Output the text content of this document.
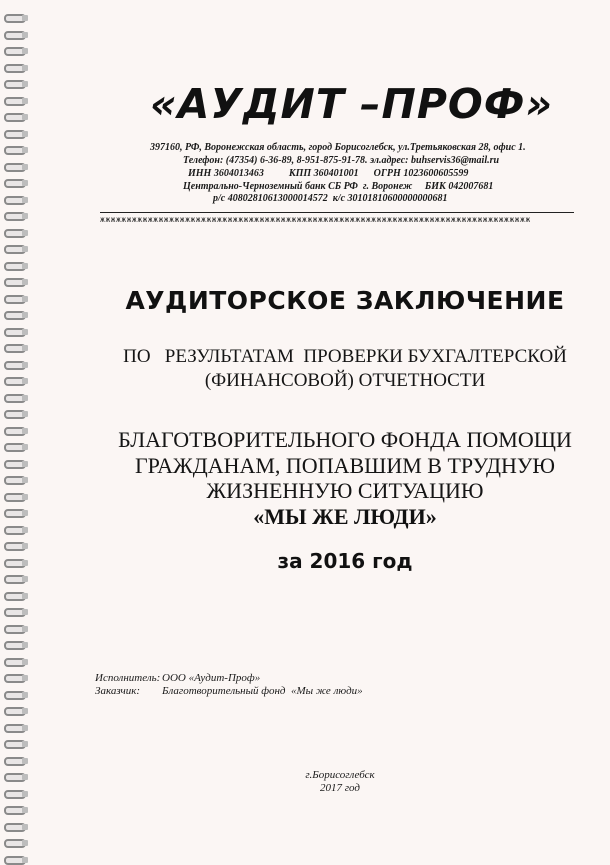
«АУДИТ –ПРОФ»
397160, РФ, Воронежская область, город Борисоглебск, ул.Третьяковская 28, офис 1.
Телефон: (47354) 6-36-89, 8-951-875-91-78. эл.адрес: buhservis36@mail.ru
ИНН 3604013463          КПП 360401001      ОГРН 1023600605599
Центрально-Черноземный банк СБ РФ  г. Воронеж     БИК 042007681
р/с 40802810613000014572  к/с 30101810600000000681
жжжжжжжжжжжжжжжжжжжжжжжжжжжжжжжжжжжжжжжжжжжжжжжжжжжжжжжжжжжжжжжжжжжжжжжжжжжжжжжжж
АУДИТОРСКОЕ ЗАКЛЮЧЕНИЕ
ПО   РЕЗУЛЬТАТАМ  ПРОВЕРКИ БУХГАЛТЕРСКОЙ
(ФИНАНСОВОЙ) ОТЧЕТНОСТИ
БЛАГОТВОРИТЕЛЬНОГО ФОНДА ПОМОЩИ
ГРАЖДАНАМ, ПОПАВШИМ В ТРУДНУЮ
ЖИЗНЕННУЮ СИТУАЦИЮ
«МЫ ЖЕ ЛЮДИ»
за 2016 год
Исполнитель: ООО «Аудит-Проф»
Заказчик: Благотворительный фонд  «Мы же люди»
г.Борисоглебск
2017 год
